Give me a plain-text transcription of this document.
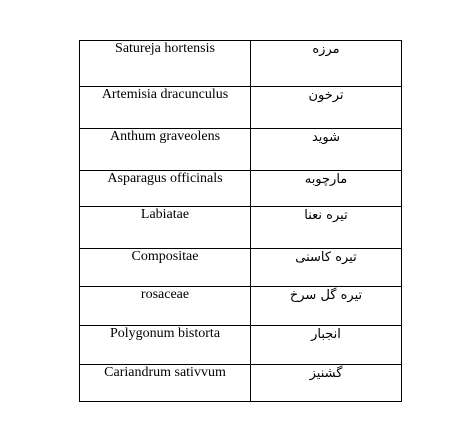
Satureja hortensis	مرزه
Artemisia dracunculus	ترخون
Anthum graveolens	شوید
Asparagus officinals	مارچوبه
Labiatae	تیره نعنا
Compositae	تیره کاسنی
rosaceae	تیره گل سرخ
Polygonum bistorta	انجبار
Cariandrum sativvum	گشنیز
